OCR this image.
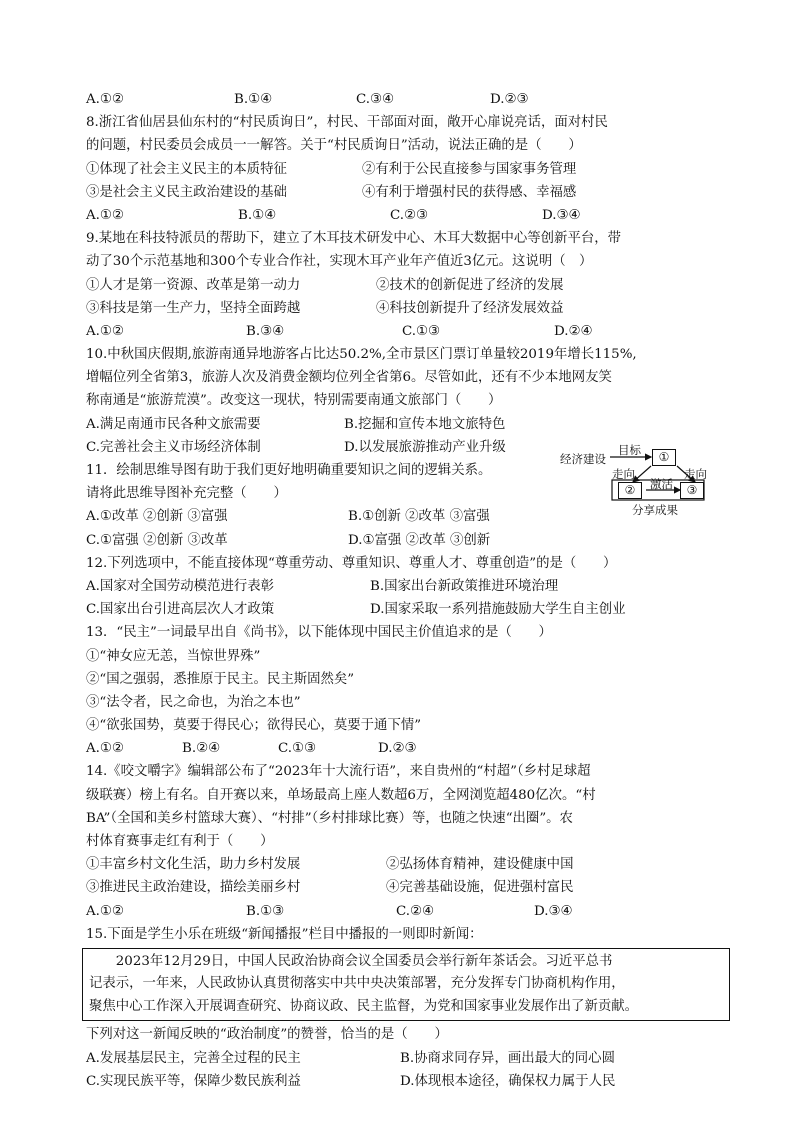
A.①②	B.①④	C.③④	D.②③
8.浙江省仙居县仙东村的“村民质询日”，村民、干部面对面，敞开心扉说亮话，面对村民
的问题，村民委员会成员一一解答。关于“村民质询日”活动，说法正确的是（　　）
①体现了社会主义民主的本质特征	②有利于公民直接参与国家事务管理
③是社会主义民主政治建设的基础	④有利于增强村民的获得感、幸福感
A.①②	B.①④	C.②③	D.③④
9.某地在科技特派员的帮助下，建立了木耳技术研发中心、木耳大数据中心等创新平台，带
动了30个示范基地和300个专业合作社，实现木耳产业年产值近3亿元。这说明（　）
①人才是第一资源、改革是第一动力	②技术的创新促进了经济的发展
③科技是第一生产力，坚持全面跨越	④科技创新提升了经济发展效益
A.①②	B.③④	C.①③	D.②④
10.中秋国庆假期,旅游南通异地游客占比达50.2%,全市景区门票订单量较2019年增长115%,
增幅位列全省第3，旅游人次及消费金额均位列全省第6。尽管如此，还有不少本地网友笑
称南通是“旅游荒漠”。改变这一现状，特别需要南通文旅部门（　　）
A.满足南通市民各种文旅需要	B.挖掘和宣传本地文旅特色
C.完善社会主义市场经济体制	D.以发展旅游推动产业升级
11．绘制思维导图有助于我们更好地明确重要知识之间的逻辑关系。
请将此思维导图补充完整（　　）
A.①改革 ②创新 ③富强	B.①创新 ②改革 ③富强
C.①富强 ②创新 ③改革	D.①富强 ②改革 ③创新
12.下列选项中，不能直接体现“尊重劳动、尊重知识、尊重人才、尊重创造”的是（　　）
A.国家对全国劳动模范进行表彰	B.国家出台新政策推进环境治理
C.国家出台引进高层次人才政策	D.国家采取一系列措施鼓励大学生自主创业
13．“民主”一词最早出自《尚书》，以下能体现中国民主价值追求的是（　　）
①“神女应无恙，当惊世界殊”
②“国之强弱，悉推原于民主。民主斯固然矣”
③“法令者，民之命也，为治之本也”
④“欲张国势，莫要于得民心；欲得民心，莫要于通下情”
A.①②	B.②④	C.①③	D.②③
14.《咬文嚼字》编辑部公布了“2023年十大流行语”，来自贵州的“村超”（乡村足球超
级联赛）榜上有名。自开赛以来，单场最高上座人数超6万，全网浏览超480亿次。“村
BA”（全国和美乡村篮球大赛）、“村排”（乡村排球比赛）等，也随之快速“出圈”。农
村体育赛事走红有利于（　　）
①丰富乡村文化生活，助力乡村发展	②弘扬体育精神，建设健康中国
③推进民主政治建设，描绘美丽乡村	④完善基础设施，促进强村富民
A.①②	B.①③	C.②④	D.③④
15.下面是学生小乐在班级“新闻播报”栏目中播报的一则即时新闻：
　　2023年12月29日，中国人民政治协商会议全国委员会举行新年茶话会。习近平总书
记表示，一年来，人民政协认真贯彻落实中共中央决策部署，充分发挥专门协商机构作用，
聚焦中心工作深入开展调查研究、协商议政、民主监督，为党和国家事业发展作出了新贡献。
下列对这一新闻反映的“政治制度”的赞誉，恰当的是（　　）
A.发展基层民主，完善全过程的民主	B.协商求同存异，画出最大的同心圆
C.实现民族平等，保障少数民族利益	D.体现根本途径，确保权力属于人民
经济建设
目标	①
走向	走向
②	激活	③
分享成果
